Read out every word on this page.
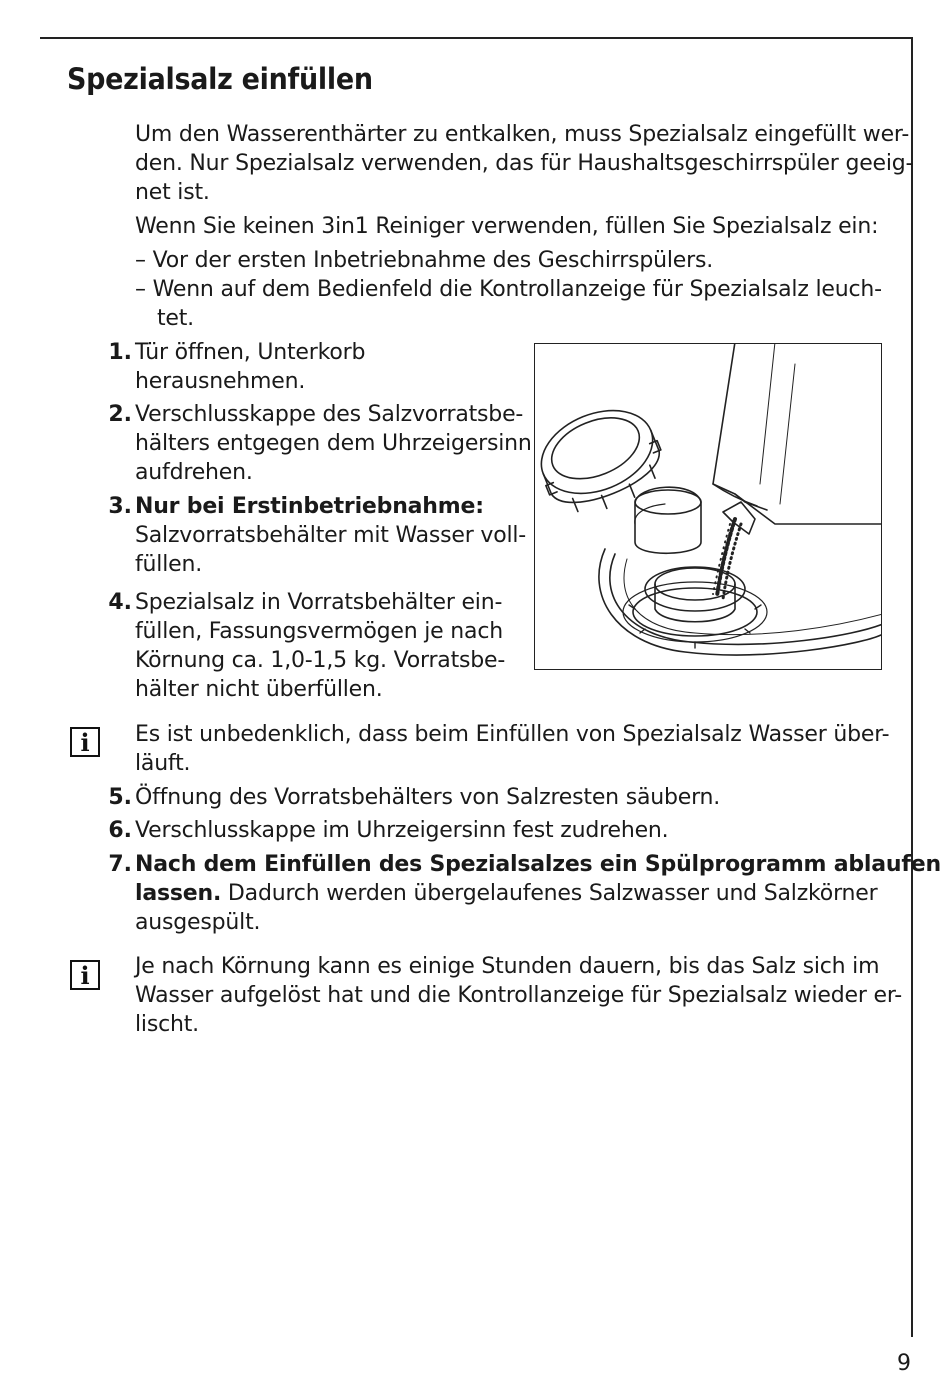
Spezialsalz einfüllen

Um den Wasserenthärter zu entkalken, muss Spezialsalz eingefüllt wer-

den. Nur Spezialsalz verwenden, das für Haushaltsgeschirrspüler geeig-

net ist.

Wenn Sie keinen 3in1 Reiniger verwenden, füllen Sie Spezialsalz ein:

– Vor der ersten Inbetriebnahme des Geschirrspülers.

– Wenn auf dem Bedienfeld die Kontrollanzeige für Spezialsalz leuch-

tet.

1. Tür öffnen, Unterkorb

herausnehmen.

2. Verschlusskappe des Salzvorratsbe-

hälters entgegen dem Uhrzeigersinn

aufdrehen.

3. Nur bei Erstinbetriebnahme:

Salzvorratsbehälter mit Wasser voll-

füllen.

4. Spezialsalz in Vorratsbehälter ein-

füllen, Fassungsvermögen je nach

Körnung ca. 1,0-1,5 kg. Vorratsbe-

hälter nicht überfüllen.

i	Es ist unbedenklich, dass beim Einfüllen von Spezialsalz Wasser über-

läuft.

5. Öffnung des Vorratsbehälters von Salzresten säubern.

6. Verschlusskappe im Uhrzeigersinn fest zudrehen.

7. Nach dem Einfüllen des Spezialsalzes ein Spülprogramm ablaufen

lassen. Dadurch werden übergelaufenes Salzwasser und Salzkörner

ausgespült.

i	Je nach Körnung kann es einige Stunden dauern, bis das Salz sich im

Wasser aufgelöst hat und die Kontrollanzeige für Spezialsalz wieder er-

lischt.

9
